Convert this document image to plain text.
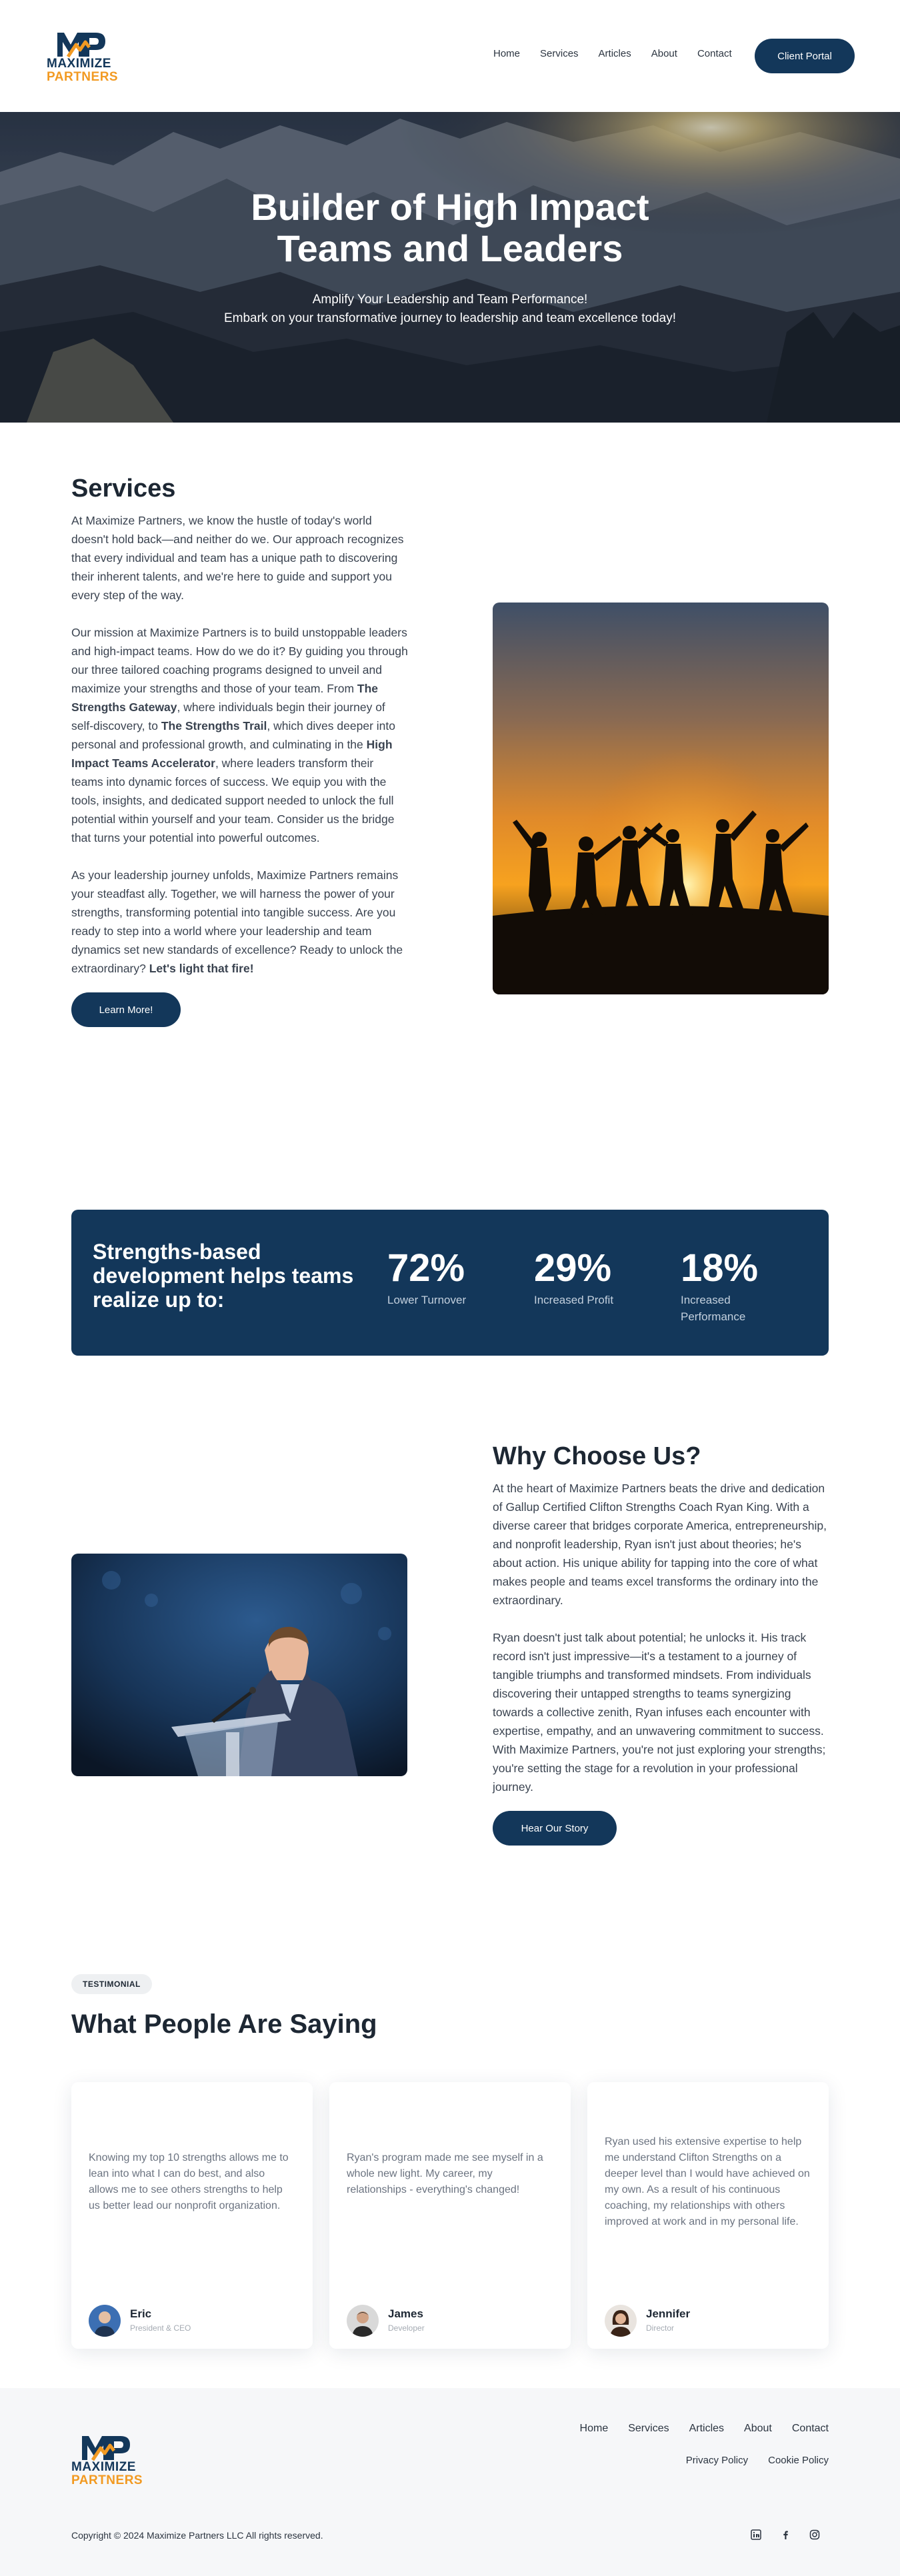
MAXIMIZE
PARTNERS
Home Services Articles About Contact	Client Portal
Builder of High Impact
Teams and Leaders
Amplify Your Leadership and Team Performance!
Embark on your transformative journey to leadership and team excellence today!
Services

At Maximize Partners, we know the hustle of today's world doesn't hold back—and neither do we. Our approach recognizes that every individual and team has a unique path to discovering their inherent talents, and we're here to guide and support you every step of the way.

Our mission at Maximize Partners is to build unstoppable leaders and high-impact teams. How do we do it? By guiding you through our three tailored coaching programs designed to unveil and maximize your strengths and those of your team. From The Strengths Gateway, where individuals begin their journey of self-discovery, to The Strengths Trail, which dives deeper into personal and professional growth, and culminating in the High Impact Teams Accelerator, where leaders transform their teams into dynamic forces of success. We equip you with the tools, insights, and dedicated support needed to unlock the full potential within yourself and your team. Consider us the bridge that turns your potential into powerful outcomes.

As your leadership journey unfolds, Maximize Partners remains your steadfast ally. Together, we will harness the power of your strengths, transforming potential into tangible success. Are you ready to step into a world where your leadership and team dynamics set new standards of excellence? Ready to unlock the extraordinary? Let's light that fire!

Learn More!
Strengths-based development helps teams realize up to:
72%
Lower Turnover
29%
Increased Profit
18%
Increased Performance
Why Choose Us?

At the heart of Maximize Partners beats the drive and dedication of Gallup Certified Clifton Strengths Coach Ryan King. With a diverse career that bridges corporate America, entrepreneurship, and nonprofit leadership, Ryan isn't just about theories; he's about action. His unique ability for tapping into the core of what makes people and teams excel transforms the ordinary into the extraordinary.

Ryan doesn't just talk about potential; he unlocks it. His track record isn't just impressive—it's a testament to a journey of tangible triumphs and transformed mindsets. From individuals discovering their untapped strengths to teams synergizing towards a collective zenith, Ryan infuses each encounter with expertise, empathy, and an unwavering commitment to success. With Maximize Partners, you're not just exploring your strengths; you're setting the stage for a revolution in your professional journey.

Hear Our Story
TESTIMONIAL
What People Are Saying

Knowing my top 10 strengths allows me to lean into what I can do best, and also allows me to see others strengths to help us better lead our nonprofit organization.

Eric
President & CEO

Ryan's program made me see myself in a whole new light. My career, my relationships - everything's changed!

James
Developer

Ryan used his extensive expertise to help me understand Clifton Strengths on a deeper level than I would have achieved on my own. As a result of his continuous coaching, my relationships with others improved at work and in my personal life.

Jennifer
Director
MAXIMIZE
PARTNERS
Home Services Articles About Contact
Privacy Policy Cookie Policy
Copyright © 2024 Maximize Partners LLC All rights reserved.
